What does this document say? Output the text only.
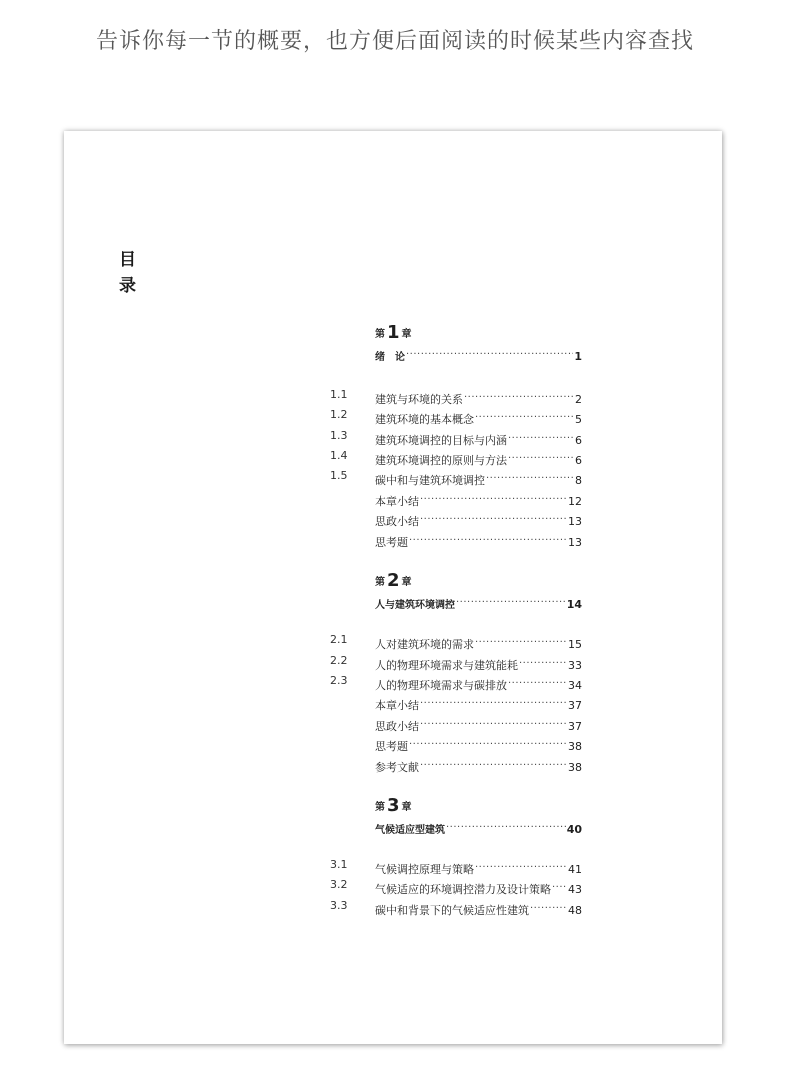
告诉你每一节的概要，也方便后面阅读的时候某些内容查找
目
录
第 1 章
绪　论 .....	1
1.1	建筑与环境的关系 .....	2
1.2	建筑环境的基本概念 .....	5
1.3	建筑环境调控的目标与内涵 .....	6
1.4	建筑环境调控的原则与方法 .....	6
1.5	碳中和与建筑环境调控 .....	8
本章小结 .....	12
思政小结 .....	13
思考题 .....	13
第 2 章
人与建筑环境调控 .....	14
2.1	人对建筑环境的需求 .....	15
2.2	人的物理环境需求与建筑能耗 .....	33
2.3	人的物理环境需求与碳排放 .....	34
本章小结 .....	37
思政小结 .....	37
思考题 .....	38
参考文献 .....	38
第 3 章
气候适应型建筑 .....	40
3.1	气候调控原理与策略 .....	41
3.2	气候适应的环境调控潜力及设计策略 ..... 43
3.3	碳中和背景下的气候适应性建筑 .....	48
